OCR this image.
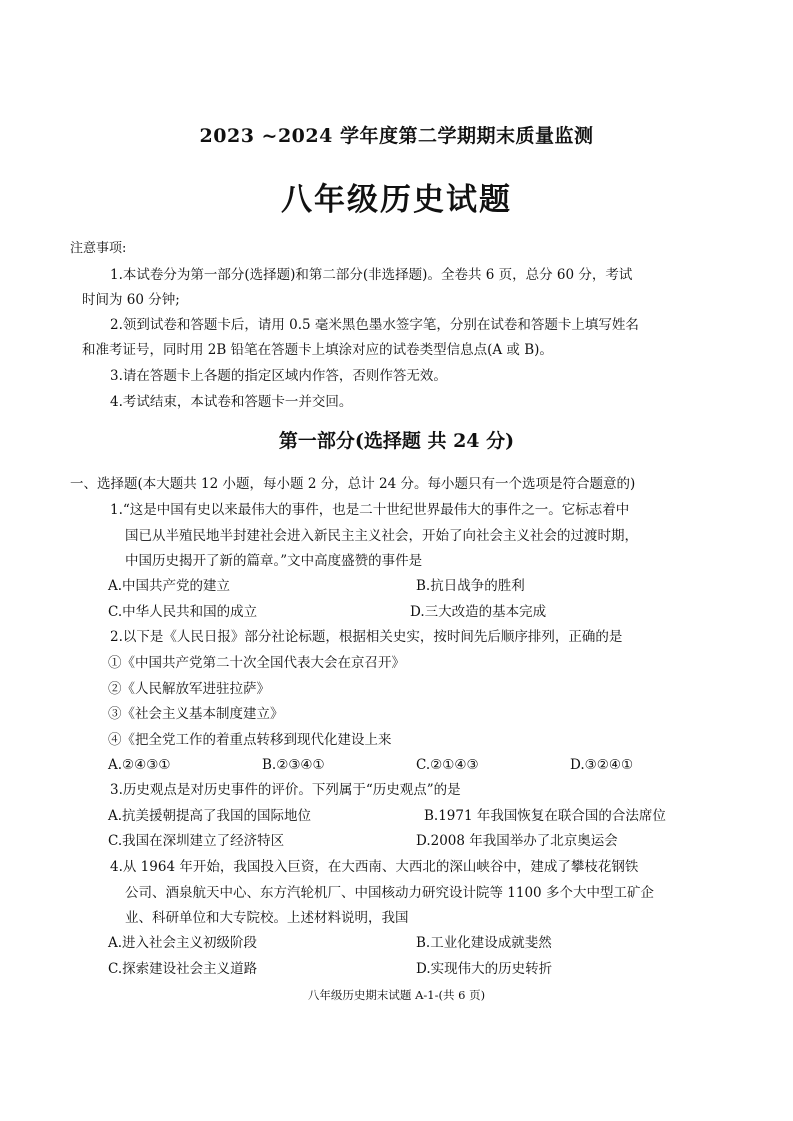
2023 ~2024 学年度第二学期期末质量监测
八年级历史试题
注意事项:
1.本试卷分为第一部分(选择题)和第二部分(非选择题)。全卷共 6 页，总分 60 分，考试
时间为 60 分钟;
2.领到试卷和答题卡后，请用 0.5 毫米黑色墨水签字笔，分别在试卷和答题卡上填写姓名
和准考证号，同时用 2B 铅笔在答题卡上填涂对应的试卷类型信息点(A 或 B)。
3.请在答题卡上各题的指定区域内作答，否则作答无效。
4.考试结束，本试卷和答题卡一并交回。
第一部分(选择题 共 24 分)
一、选择题(本大题共 12 小题，每小题 2 分，总计 24 分。每小题只有一个选项是符合题意的)
1.“这是中国有史以来最伟大的事件，也是二十世纪世界最伟大的事件之一。它标志着中
国已从半殖民地半封建社会进入新民主主义社会，开始了向社会主义社会的过渡时期，
中国历史揭开了新的篇章。”文中高度盛赞的事件是
A.中国共产党的建立	B.抗日战争的胜利
C.中华人民共和国的成立	D.三大改造的基本完成
2.以下是《人民日报》部分社论标题，根据相关史实，按时间先后顺序排列，正确的是
①《中国共产党第二十次全国代表大会在京召开》
②《人民解放军进驻拉萨》
③《社会主义基本制度建立》
④《把全党工作的着重点转移到现代化建设上来
A.②④③①	B.②③④①	C.②①④③	D.③②④①
3.历史观点是对历史事件的评价。下列属于“历史观点”的是
A.抗美援朝提高了我国的国际地位	B.1971 年我国恢复在联合国的合法席位
C.我国在深圳建立了经济特区	D.2008 年我国举办了北京奥运会
4.从 1964 年开始，我国投入巨资，在大西南、大西北的深山峡谷中，建成了攀枝花钢铁
公司、酒泉航天中心、东方汽轮机厂、中国核动力研究设计院等 1100 多个大中型工矿企
业、科研单位和大专院校。上述材料说明，我国
A.进入社会主义初级阶段	B.工业化建设成就斐然
C.探索建设社会主义道路	D.实现伟大的历史转折
八年级历史期末试题 A-1-(共 6 页)
